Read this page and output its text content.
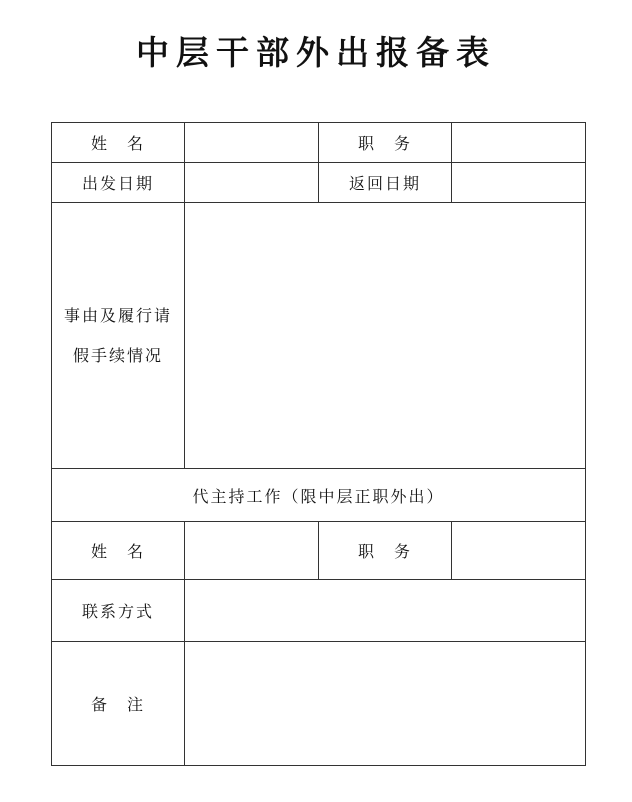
中层干部外出报备表
姓　名		职　务	
出发日期		返回日期	

事由及履行请
假手续情况			

代主持工作（限中层正职外出）			
姓　名		职　务	
联系方式			
备　注			
